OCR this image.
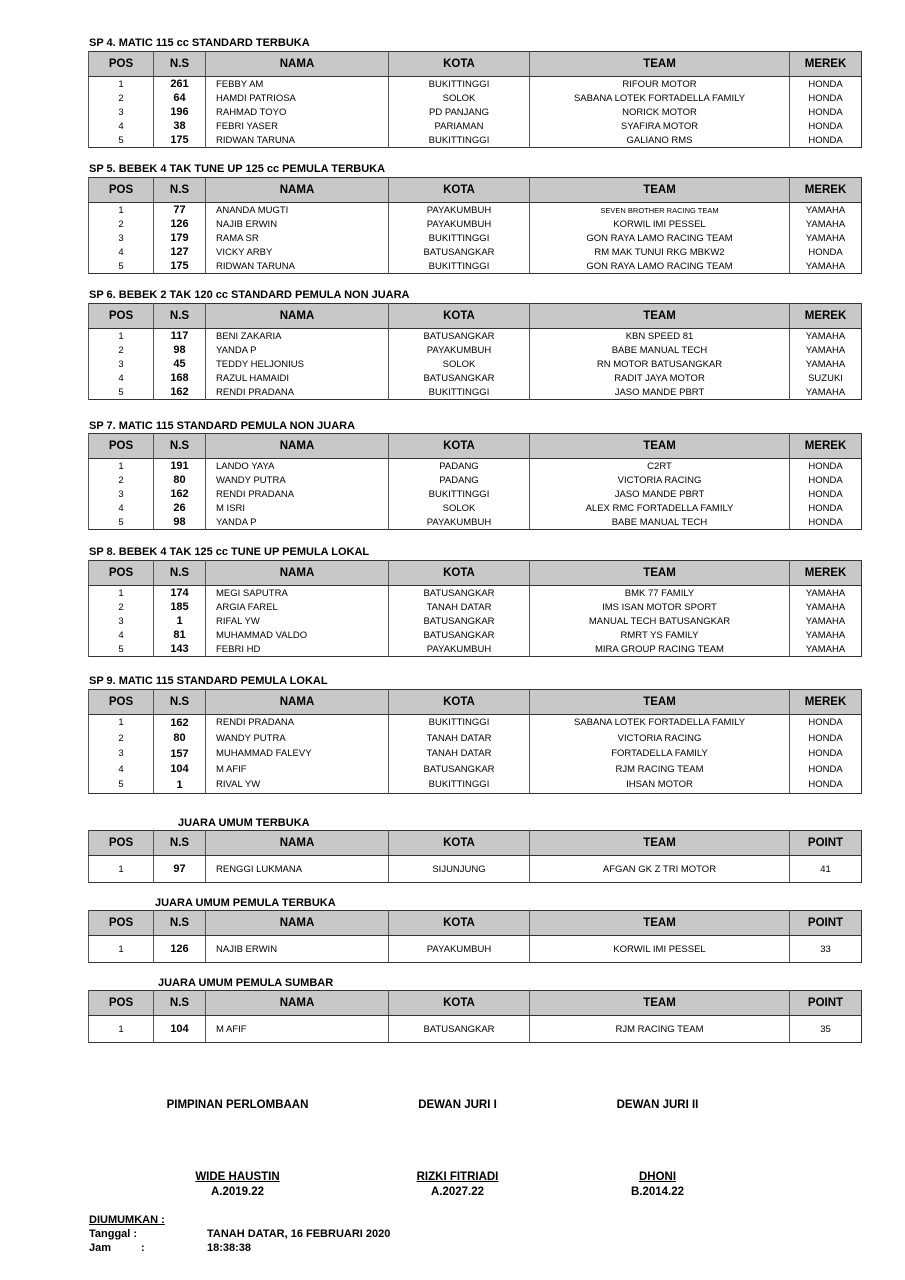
SP 4. MATIC 115 cc STANDARD TERBUKA
POS	N.S	NAMA	KOTA	TEAM	MEREK
1	261	FEBBY AM	BUKITTINGGI	RIFOUR MOTOR	HONDA
2	64	HAMDI PATRIOSA	SOLOK	SABANA LOTEK FORTADELLA FAMILY	HONDA
3	196	RAHMAD TOYO	PD PANJANG	NORICK MOTOR	HONDA
4	38	FEBRI YASER	PARIAMAN	SYAFIRA MOTOR	HONDA
5	175	RIDWAN TARUNA	BUKITTINGGI	GALIANO RMS	HONDA
SP 5. BEBEK 4 TAK TUNE UP 125 cc PEMULA TERBUKA
POS	N.S	NAMA	KOTA	TEAM	MEREK
1	77	ANANDA MUGTI	PAYAKUMBUH	SEVEN BROTHER RACING TEAM	YAMAHA
2	126	NAJIB ERWIN	PAYAKUMBUH	KORWIL IMI PESSEL	YAMAHA
3	179	RAMA SR	BUKITTINGGI	GON RAYA LAMO RACING TEAM	YAMAHA
4	127	VICKY ARBY	BATUSANGKAR	RM MAK TUNUI RKG MBKW2	HONDA
5	175	RIDWAN TARUNA	BUKITTINGGI	GON RAYA LAMO RACING TEAM	YAMAHA
SP 6. BEBEK 2 TAK 120 cc STANDARD PEMULA NON JUARA
POS	N.S	NAMA	KOTA	TEAM	MEREK
1	117	BENI ZAKARIA	BATUSANGKAR	KBN SPEED 81	YAMAHA
2	98	YANDA P	PAYAKUMBUH	BABE MANUAL TECH	YAMAHA
3	45	TEDDY HELJONIUS	SOLOK	RN MOTOR BATUSANGKAR	YAMAHA
4	168	RAZUL HAMAIDI	BATUSANGKAR	RADIT JAYA MOTOR	SUZUKI
5	162	RENDI PRADANA	BUKITTINGGI	JASO MANDE PBRT	YAMAHA
SP 7. MATIC 115 STANDARD PEMULA NON JUARA
POS	N.S	NAMA	KOTA	TEAM	MEREK
1	191	LANDO YAYA	PADANG	C2RT	HONDA
2	80	WANDY PUTRA	PADANG	VICTORIA RACING	HONDA
3	162	RENDI PRADANA	BUKITTINGGI	JASO MANDE PBRT	HONDA
4	26	M ISRI	SOLOK	ALEX RMC FORTADELLA FAMILY	HONDA
5	98	YANDA P	PAYAKUMBUH	BABE MANUAL TECH	HONDA
SP 8. BEBEK 4 TAK 125 cc TUNE UP PEMULA LOKAL
POS	N.S	NAMA	KOTA	TEAM	MEREK
1	174	MEGI SAPUTRA	BATUSANGKAR	BMK 77 FAMILY	YAMAHA
2	185	ARGIA FAREL	TANAH DATAR	IMS ISAN MOTOR SPORT	YAMAHA
3	1	RIFAL YW	BATUSANGKAR	MANUAL TECH BATUSANGKAR	YAMAHA
4	81	MUHAMMAD VALDO	BATUSANGKAR	RMRT YS FAMILY	YAMAHA
5	143	FEBRI HD	PAYAKUMBUH	MIRA GROUP RACING TEAM	YAMAHA
SP 9. MATIC 115 STANDARD PEMULA LOKAL
POS	N.S	NAMA	KOTA	TEAM	MEREK
1	162	RENDI PRADANA	BUKITTINGGI	SABANA LOTEK FORTADELLA FAMILY	HONDA
2	80	WANDY PUTRA	TANAH DATAR	VICTORIA RACING	HONDA
3	157	MUHAMMAD FALEVY	TANAH DATAR	FORTADELLA FAMILY	HONDA
4	104	M AFIF	BATUSANGKAR	RJM RACING TEAM	HONDA
5	1	RIVAL YW	BUKITTINGGI	IHSAN MOTOR	HONDA
JUARA UMUM TERBUKA
POS	N.S	NAMA	KOTA	TEAM	POINT
1	97	RENGGI LUKMANA	SIJUNJUNG	AFGAN GK Z TRI MOTOR	41
JUARA UMUM PEMULA TERBUKA
POS	N.S	NAMA	KOTA	TEAM	POINT
1	126	NAJIB ERWIN	PAYAKUMBUH	KORWIL IMI PESSEL	33
JUARA UMUM PEMULA SUMBAR
POS	N.S	NAMA	KOTA	TEAM	POINT
1	104	M AFIF	BATUSANGKAR	RJM RACING TEAM	35
PIMPINAN PERLOMBAAN	DEWAN JURI I	DEWAN JURI II
WIDE HAUSTIN
A.2019.22
RIZKI FITRIADI
A.2027.22
DHONI
B.2014.22
DIUMUMKAN :
Tanggal :	TANAH DATAR, 16 FEBRUARI 2020
Jam	:	18:38:38
